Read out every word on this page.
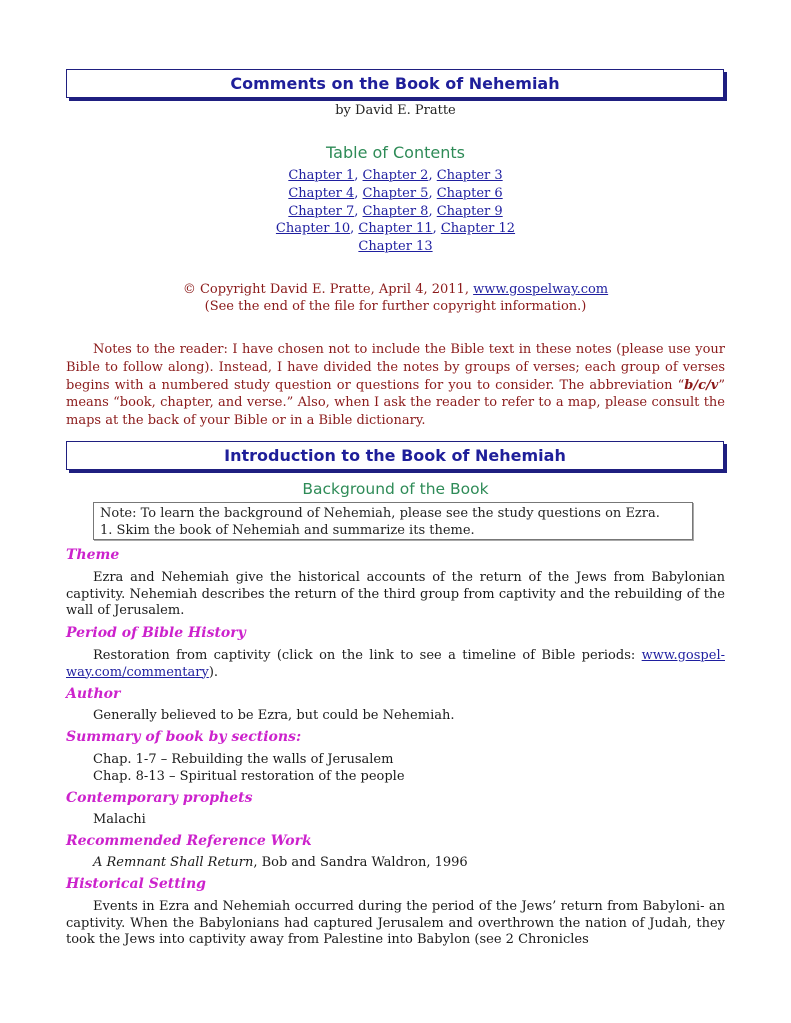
Comments on the Book of Nehemiah
by David E. Pratte
Table of Contents
Chapter 1, Chapter 2, Chapter 3
Chapter 4, Chapter 5, Chapter 6
Chapter 7, Chapter 8, Chapter 9
Chapter 10, Chapter 11, Chapter 12
Chapter 13
© Copyright David E. Pratte, April 4, 2011, www.gospelway.com
(See the end of the file for further copyright information.)

Notes to the reader: I have chosen not to include the Bible text in these notes (please use your Bible to follow along). Instead, I have divided the notes by groups of verses; each group of verses begins with a numbered study question or questions for you to consider. The abbreviation “b/c/v” means “book, chapter, and verse.” Also, when I ask the reader to refer to a map, please consult the maps at the back of your Bible or in a Bible dictionary.

Introduction to the Book of Nehemiah
Background of the Book
Note: To learn the background of Nehemiah, please see the study questions on Ezra.
1. Skim the book of Nehemiah and summarize its theme.
Theme
Ezra and Nehemiah give the historical accounts of the return of the Jews from Babylonian captivity. Nehemiah describes the return of the third group from captivity and the rebuilding of the wall of Jerusalem.
Period of Bible History
Restoration from captivity (click on the link to see a timeline of Bible periods: www.gospel-way.com/commentary).
Author
Generally believed to be Ezra, but could be Nehemiah.
Summary of book by sections:
Chap. 1-7 – Rebuilding the walls of Jerusalem
Chap. 8-13 – Spiritual restoration of the people
Contemporary prophets
Malachi
Recommended Reference Work
A Remnant Shall Return, Bob and Sandra Waldron, 1996
Historical Setting
Events in Ezra and Nehemiah occurred during the period of the Jews’ return from Babyloni- an captivity. When the Babylonians had captured Jerusalem and overthrown the nation of Judah, they took the Jews into captivity away from Palestine into Babylon (see 2 Chronicles
